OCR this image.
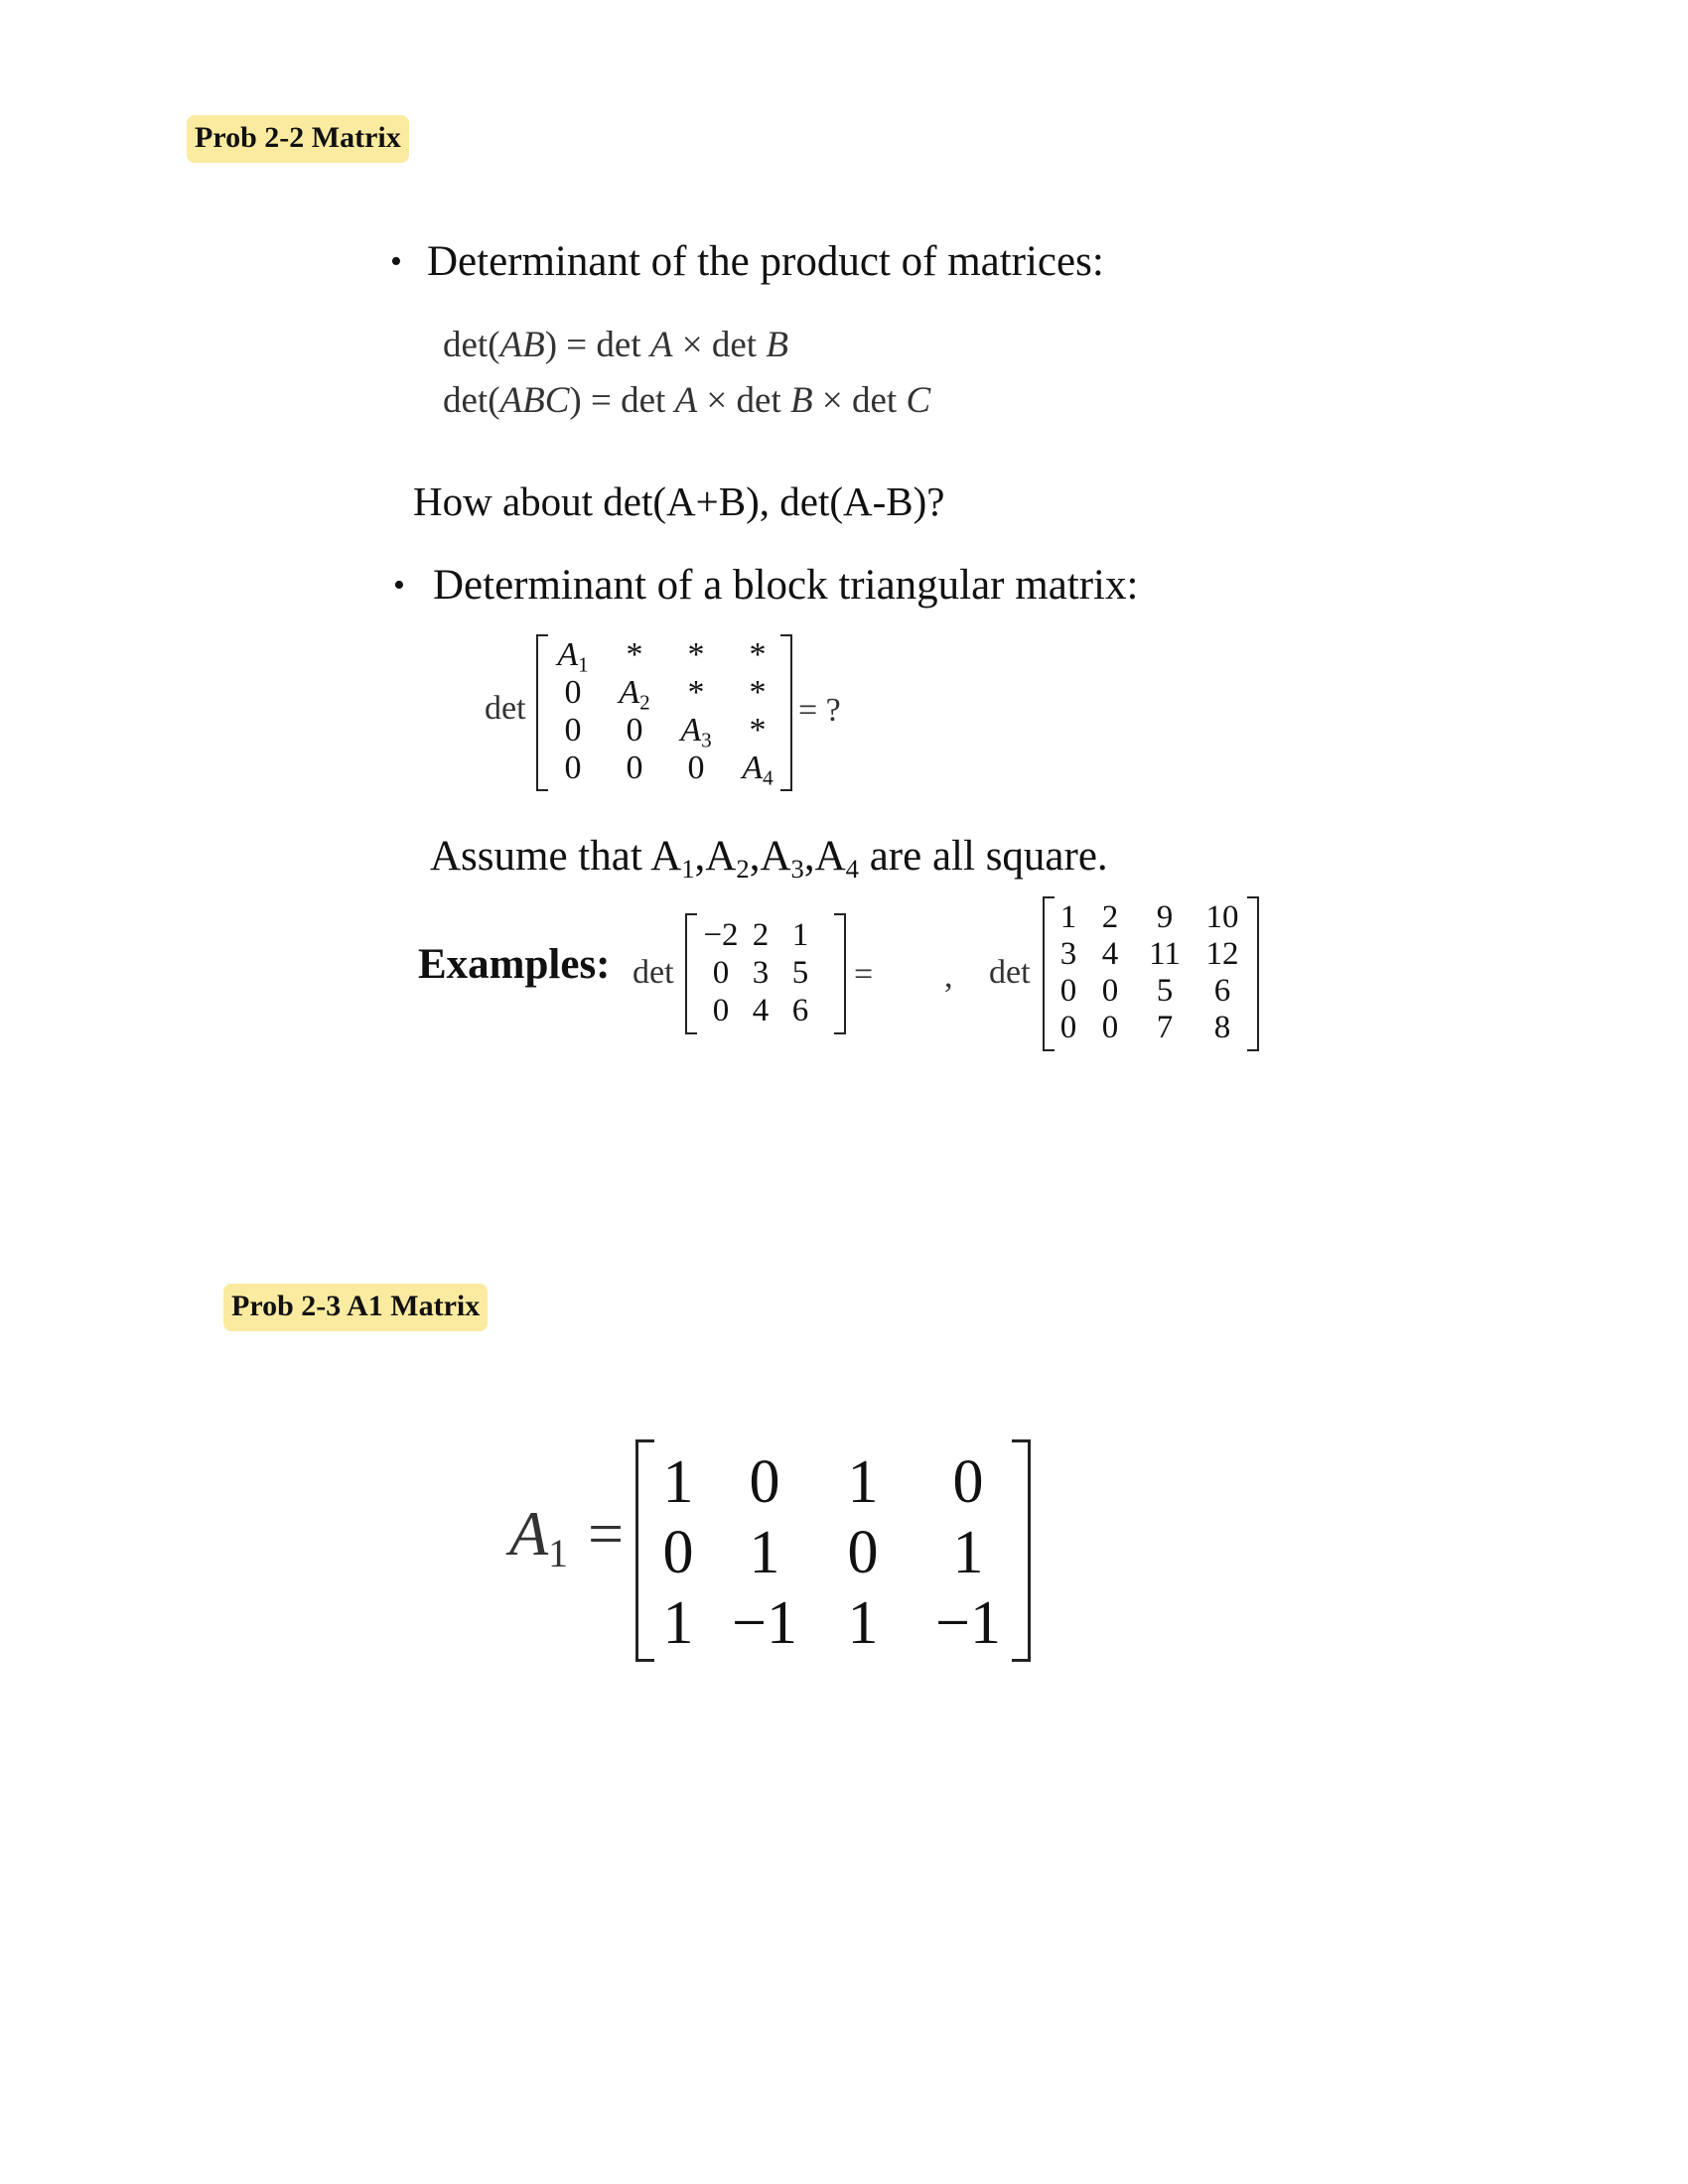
Prob 2-2 Matrix
• Determinant of the product of matrices:
det(AB) = det A × det B
det(ABC) = det A × det B × det C
How about det(A+B), det(A-B)?
• Determinant of a block triangular matrix:
det
$A_1$	*	*	*
0	$A_2$	*	*
0	0	$A_3$	*
0	0	0	$A_4$
= ?
Assume that $A_1,A_2,A_3,A_4$ are all square.
Examples: det
−2	2	1
0	3	5
0	4	6
= , det
1	2	9	10
3	4	11	12
0	0	5	6
0	0	7	8
Prob 2-3 A1 Matrix
$A_1$ =
1	0	1	0
0	1	0	1
1	−1	1	−1
